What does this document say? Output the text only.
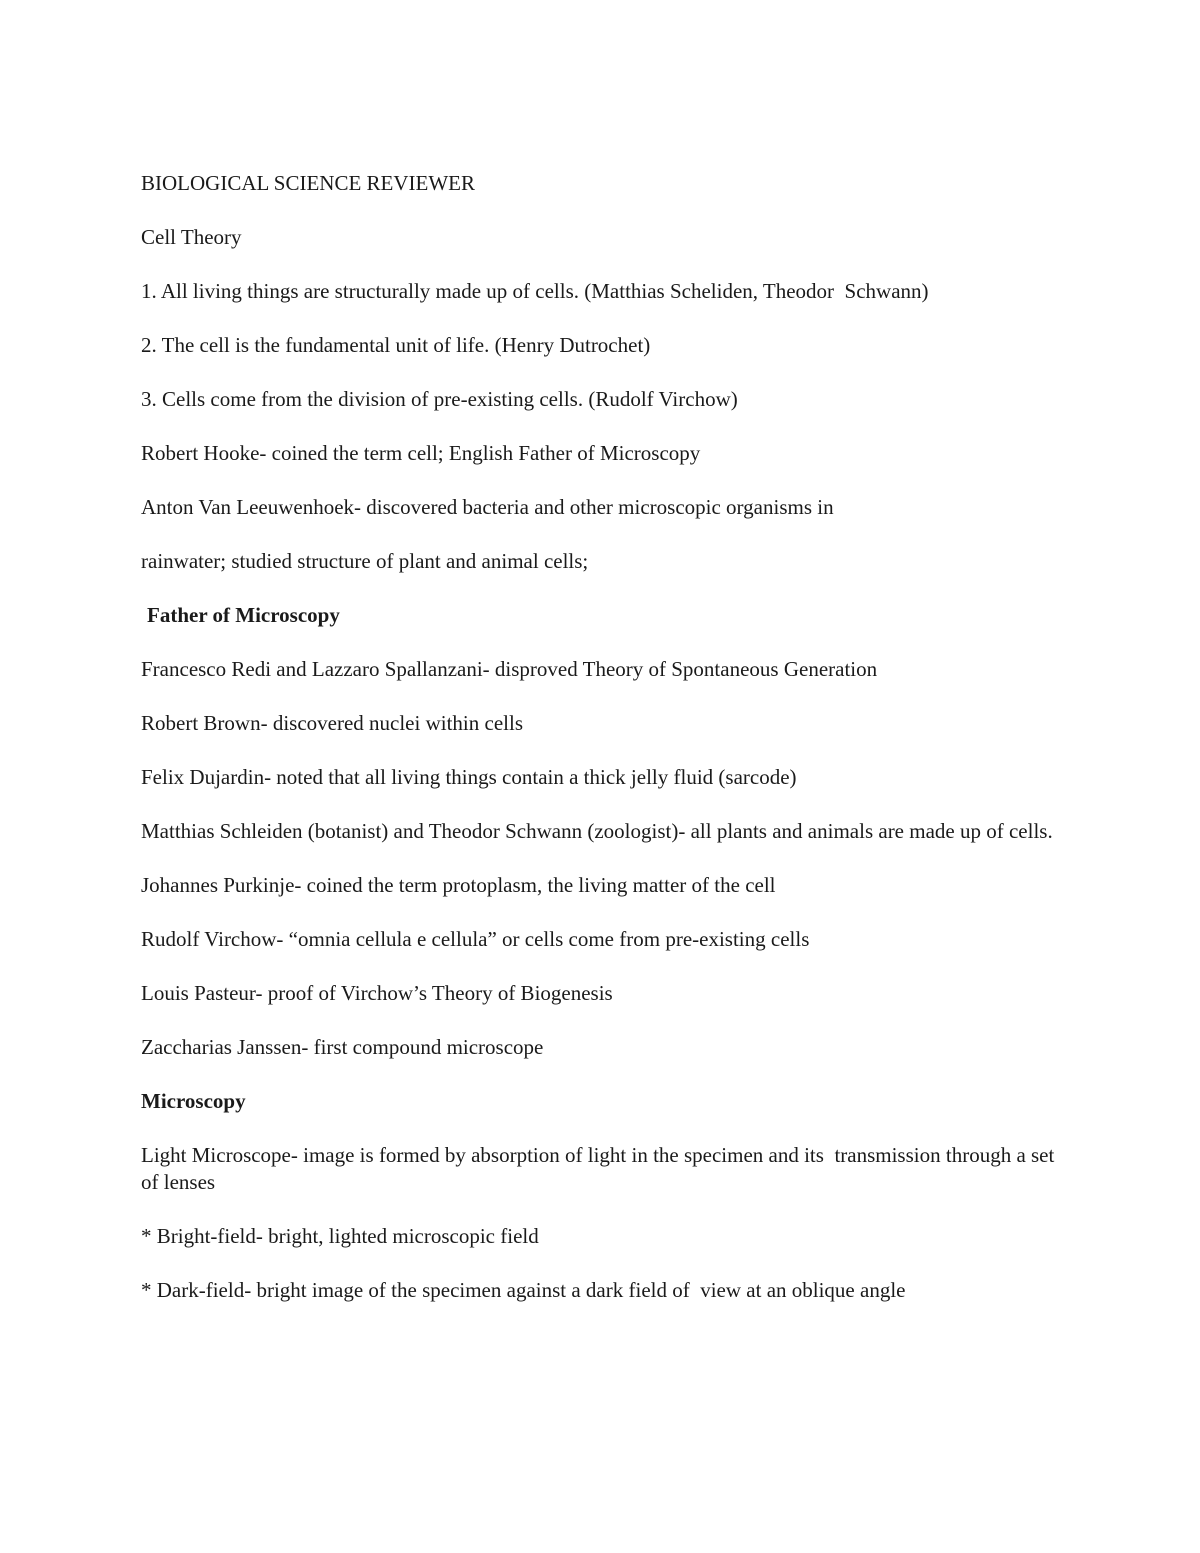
BIOLOGICAL SCIENCE REVIEWER

Cell Theory

1. All living things are structurally made up of cells. (Matthias Scheliden, Theodor  Schwann)

2. The cell is the fundamental unit of life. (Henry Dutrochet)

3. Cells come from the division of pre-existing cells. (Rudolf Virchow)

Robert Hooke- coined the term cell; English Father of Microscopy

Anton Van Leeuwenhoek- discovered bacteria and other microscopic organisms in

rainwater; studied structure of plant and animal cells;

Father of Microscopy

Francesco Redi and Lazzaro Spallanzani- disproved Theory of Spontaneous Generation

Robert Brown- discovered nuclei within cells

Felix Dujardin- noted that all living things contain a thick jelly fluid (sarcode)

Matthias Schleiden (botanist) and Theodor Schwann (zoologist)- all plants and animals are made up of cells.

Johannes Purkinje- coined the term protoplasm, the living matter of the cell

Rudolf Virchow- “omnia cellula e cellula” or cells come from pre-existing cells

Louis Pasteur- proof of Virchow’s Theory of Biogenesis

Zaccharias Janssen- first compound microscope

Microscopy

Light Microscope- image is formed by absorption of light in the specimen and its  transmission through a set of lenses

* Bright-field- bright, lighted microscopic field

* Dark-field- bright image of the specimen against a dark field of  view at an oblique angle
